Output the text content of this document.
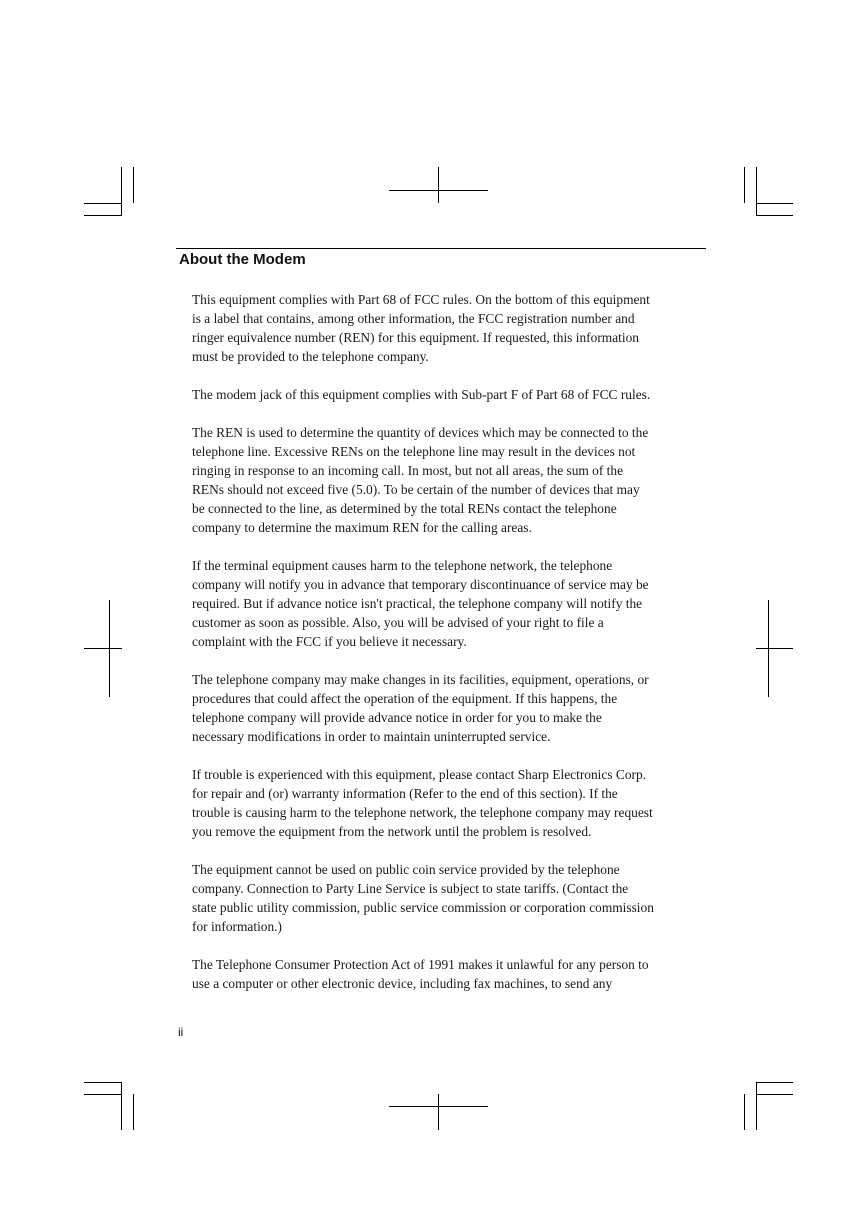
About the Modem

This equipment complies with Part 68 of FCC rules. On the bottom of this equipment
is a label that contains, among other information, the FCC registration number and
ringer equivalence number (REN) for this equipment. If requested, this information
must be provided to the telephone company.

The modem jack of this equipment complies with Sub-part F of Part 68 of FCC rules.

The REN is used to determine the quantity of devices which may be connected to the
telephone line. Excessive RENs on the telephone line may result in the devices not
ringing in response to an incoming call. In most, but not all areas, the sum of the
RENs should not exceed five (5.0). To be certain of the number of devices that may
be connected to the line, as determined by the total RENs contact the telephone
company to determine the maximum REN for the calling areas.

If the terminal equipment causes harm to the telephone network, the telephone
company will notify you in advance that temporary discontinuance of service may be
required. But if advance notice isn't practical, the telephone company will notify the
customer as soon as possible. Also, you will be advised of your right to file a
complaint with the FCC if you believe it necessary.

The telephone company may make changes in its facilities, equipment, operations, or
procedures that could affect the operation of the equipment. If this happens, the
telephone company will provide advance notice in order for you to make the
necessary modifications in order to maintain uninterrupted service.

If trouble is experienced with this equipment, please contact Sharp Electronics Corp.
for repair and (or) warranty information (Refer to the end of this section). If the
trouble is causing harm to the telephone network, the telephone company may request
you remove the equipment from the network until the problem is resolved.

The equipment cannot be used on public coin service provided by the telephone
company. Connection to Party Line Service is subject to state tariffs. (Contact the
state public utility commission, public service commission or corporation commission
for information.)

The Telephone Consumer Protection Act of 1991 makes it unlawful for any person to
use a computer or other electronic device, including fax machines, to send any

ii
